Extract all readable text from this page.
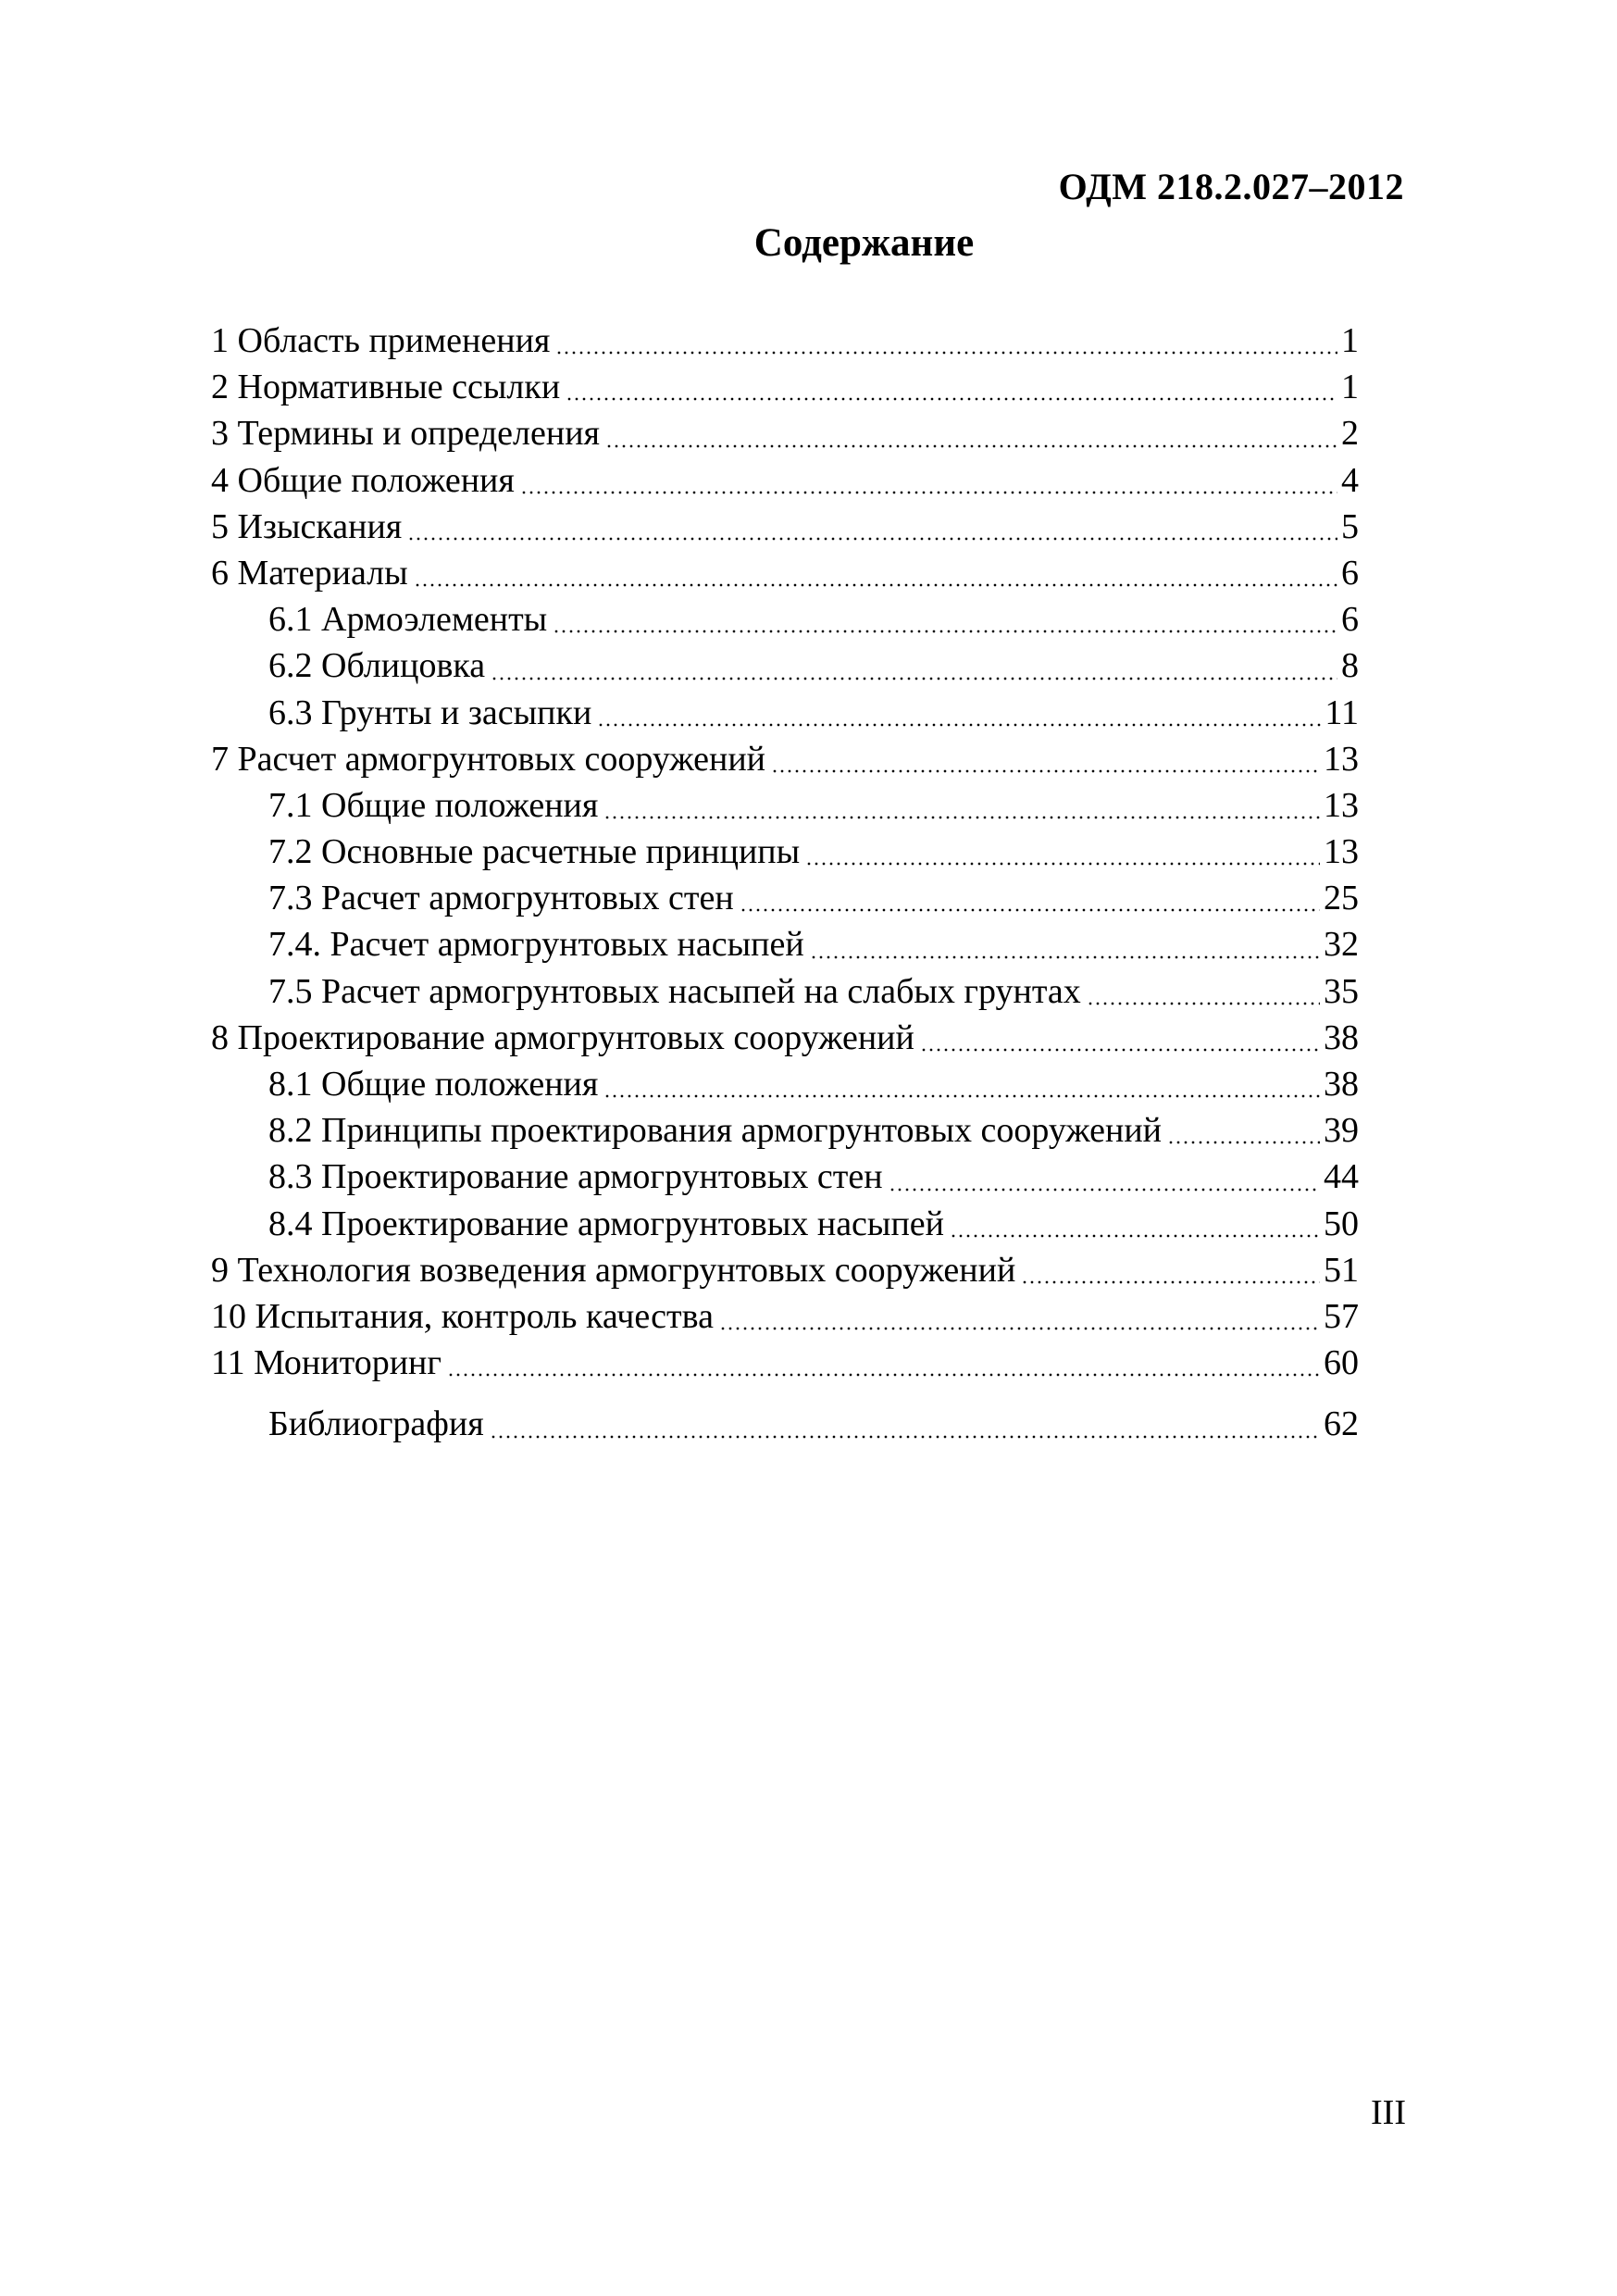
ОДМ 218.2.027–2012
Содержание
1 Область применения	1
2 Нормативные ссылки	1
3 Термины и определения	2
4 Общие положения	4
5 Изыскания	5
6 Материалы	6
6.1 Армоэлементы	6
6.2 Облицовка	8
6.3 Грунты и засыпки	11
7 Расчет армогрунтовых сооружений	13
7.1 Общие положения	13
7.2 Основные расчетные принципы	13
7.3 Расчет армогрунтовых стен	25
7.4. Расчет армогрунтовых насыпей	32
7.5 Расчет армогрунтовых насыпей на слабых грунтах	35
8 Проектирование армогрунтовых сооружений	38
8.1 Общие положения	38
8.2 Принципы проектирования армогрунтовых сооружений	39
8.3 Проектирование армогрунтовых стен	44
8.4 Проектирование армогрунтовых насыпей	50
9 Технология возведения армогрунтовых сооружений	51
10 Испытания, контроль качества	57
11 Мониторинг	60
Библиография	62
III
